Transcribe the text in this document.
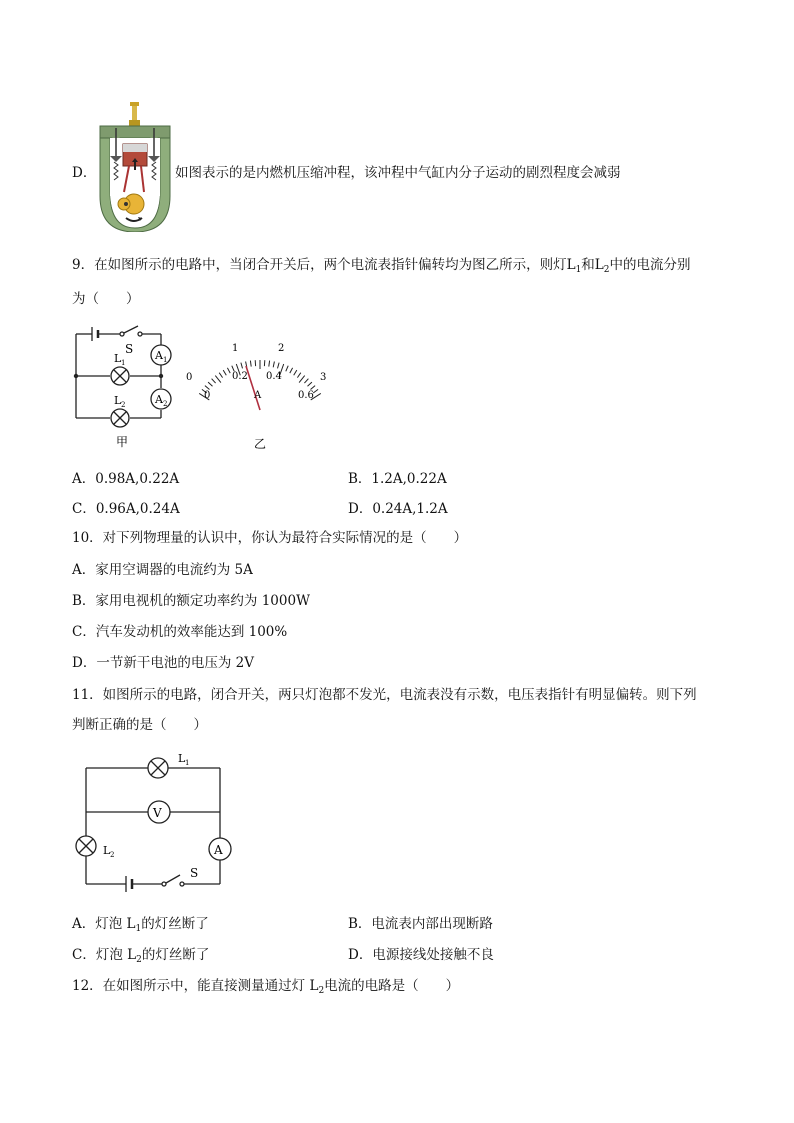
D．	如图表示的是内燃机压缩冲程，该冲程中气缸内分子运动的剧烈程度会减弱
9．在如图所示的电路中，当闭合开关后，两个电流表指针偏转均为图乙所示，则灯$L_1$和$L_2$中的电流分别
为（　　）
S
L 1
L 2
A 1
A 2
甲
0
1	2
3
0
0.2 0.4
0.6
A
乙
A．0.98A,0.22A	B．1.2A,0.22A
C．0.96A,0.24A	D．0.24A,1.2A
10．对下列物理量的认识中，你认为最符合实际情况的是（　　）
A．家用空调器的电流约为 5A
B．家用电视机的额定功率约为 1000W
C．汽车发动机的效率能达到 100%
D．一节新干电池的电压为 2V
11．如图所示的电路，闭合开关，两只灯泡都不发光，电流表没有示数，电压表指针有明显偏转。则下列
判断正确的是（　　）
L 1
V
L 2	A
S
A．灯泡 $L_1$的灯丝断了	B．电流表内部出现断路
C．灯泡 $L_2$的灯丝断了	D．电源接线处接触不良
12．在如图所示中，能直接测量通过灯 $L_2$电流的电路是（　　）
